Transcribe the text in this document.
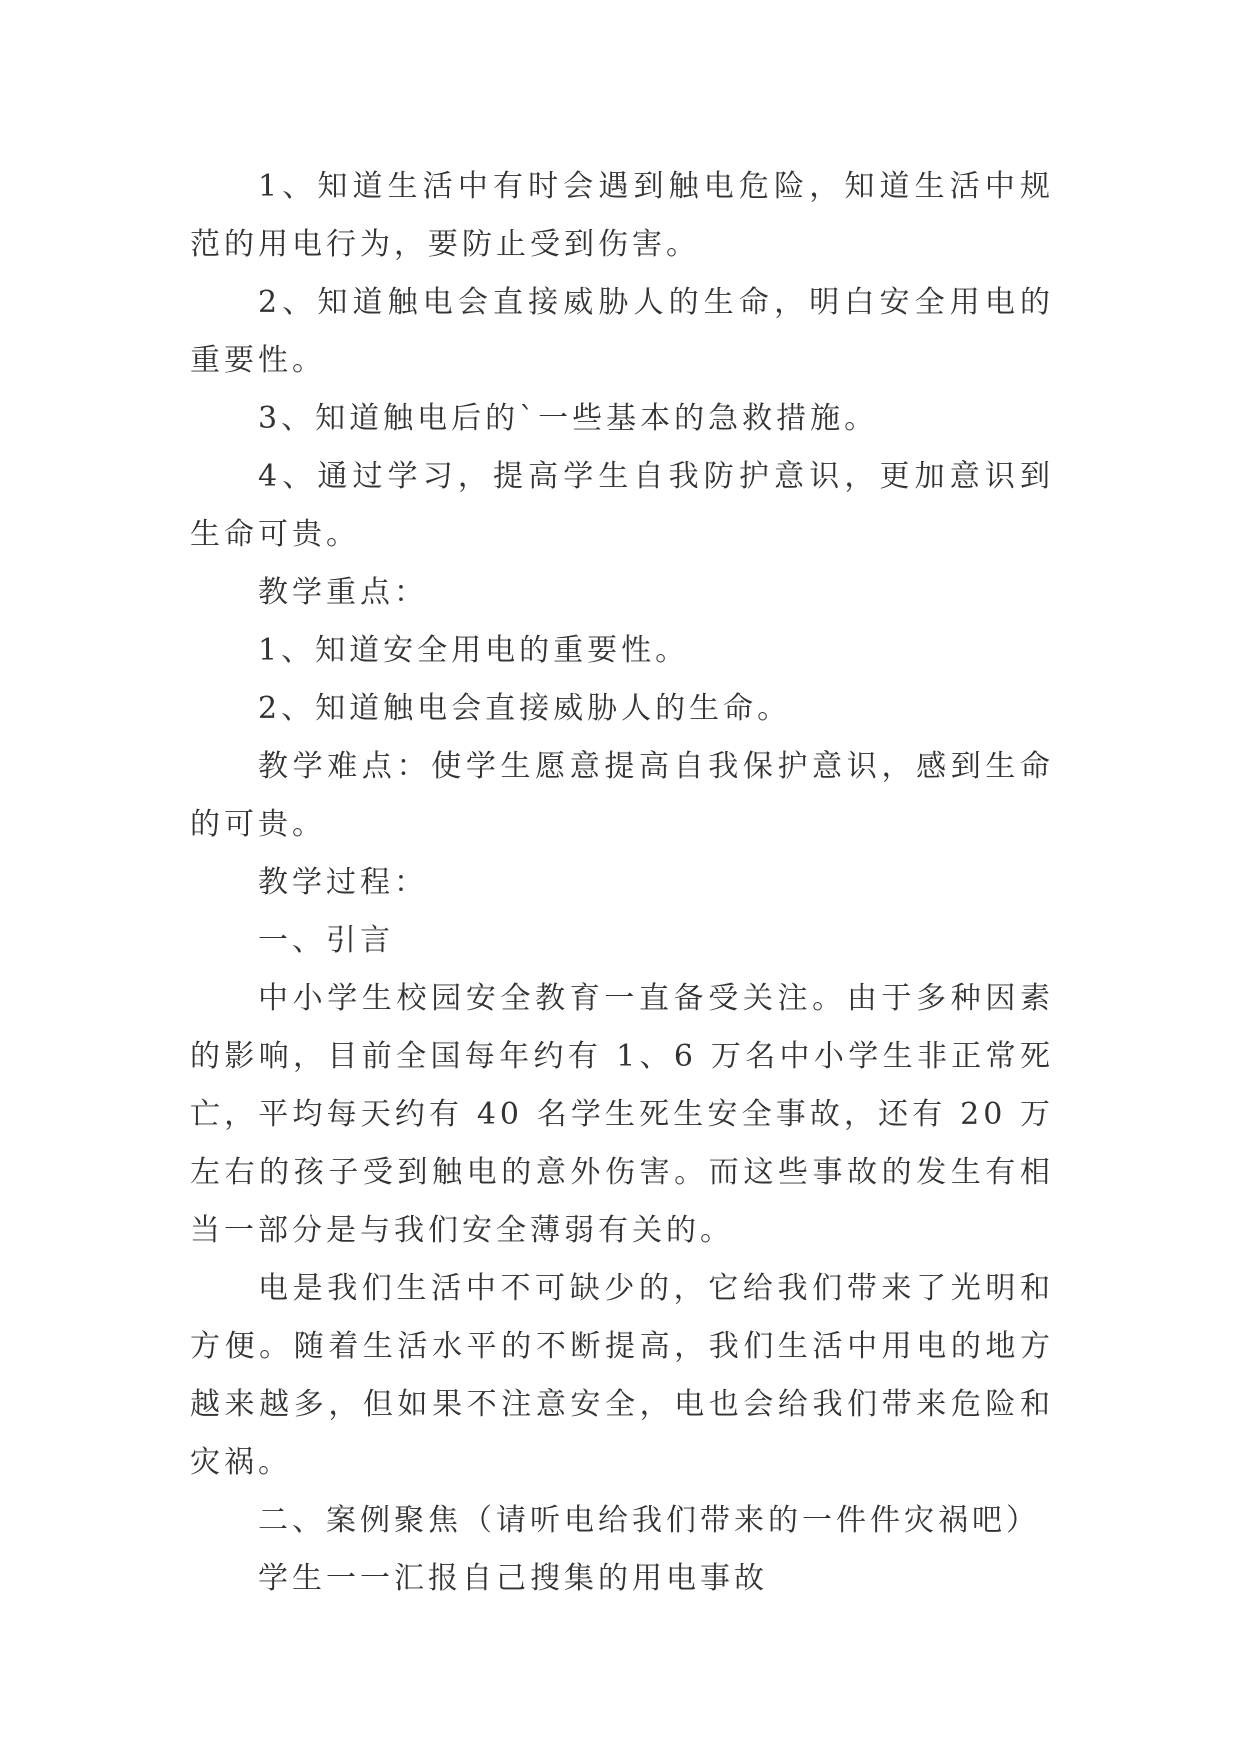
1、知道生活中有时会遇到触电危险，知道生活中规范的用电行为，要防止受到伤害。

2、知道触电会直接威胁人的生命，明白安全用电的重要性。

3、知道触电后的`一些基本的急救措施。

4、通过学习，提高学生自我防护意识，更加意识到生命可贵。

教学重点：

1、知道安全用电的重要性。

2、知道触电会直接威胁人的生命。

教学难点：使学生愿意提高自我保护意识，感到生命的可贵。

教学过程：

一、引言

中小学生校园安全教育一直备受关注。由于多种因素的影响，目前全国每年约有 1、6 万名中小学生非正常死亡，平均每天约有 40 名学生死生安全事故，还有 20 万左右的孩子受到触电的意外伤害。而这些事故的发生有相当一部分是与我们安全薄弱有关的。

电是我们生活中不可缺少的，它给我们带来了光明和方便。随着生活水平的不断提高，我们生活中用电的地方越来越多，但如果不注意安全，电也会给我们带来危险和灾祸。

二、案例聚焦（请听电给我们带来的一件件灾祸吧）

学生一一汇报自己搜集的用电事故
